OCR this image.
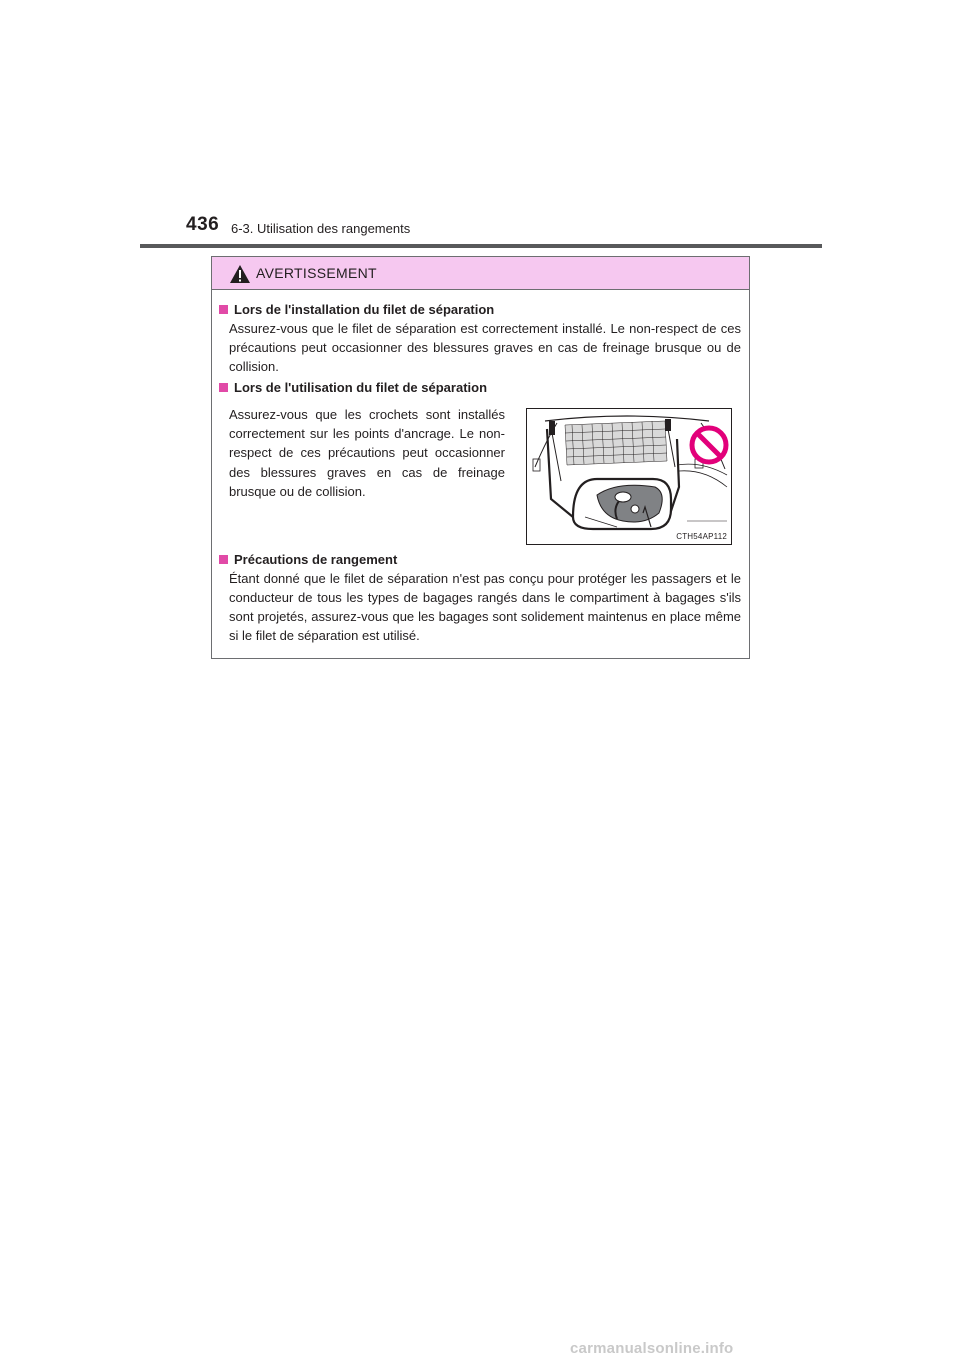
436 6-3. Utilisation des rangements
AVERTISSEMENT
Lors de l'installation du filet de séparation
Assurez-vous que le filet de séparation est correctement installé. Le non-respect de ces précautions peut occasionner des blessures graves en cas de freinage brusque ou de collision.
Lors de l'utilisation du filet de séparation
Assurez-vous que les crochets sont installés correctement sur les points d'ancrage. Le non-respect de ces précautions peut occasionner des blessures graves en cas de freinage brusque ou de collision.
CTH54AP112
Précautions de rangement
Étant donné que le filet de séparation n'est pas conçu pour protéger les passagers et le conducteur de tous les types de bagages rangés dans le compartiment à bagages s'ils sont projetés, assurez-vous que les bagages sont solidement maintenus en place même si le filet de séparation est utilisé.
carmanualsonline.info
